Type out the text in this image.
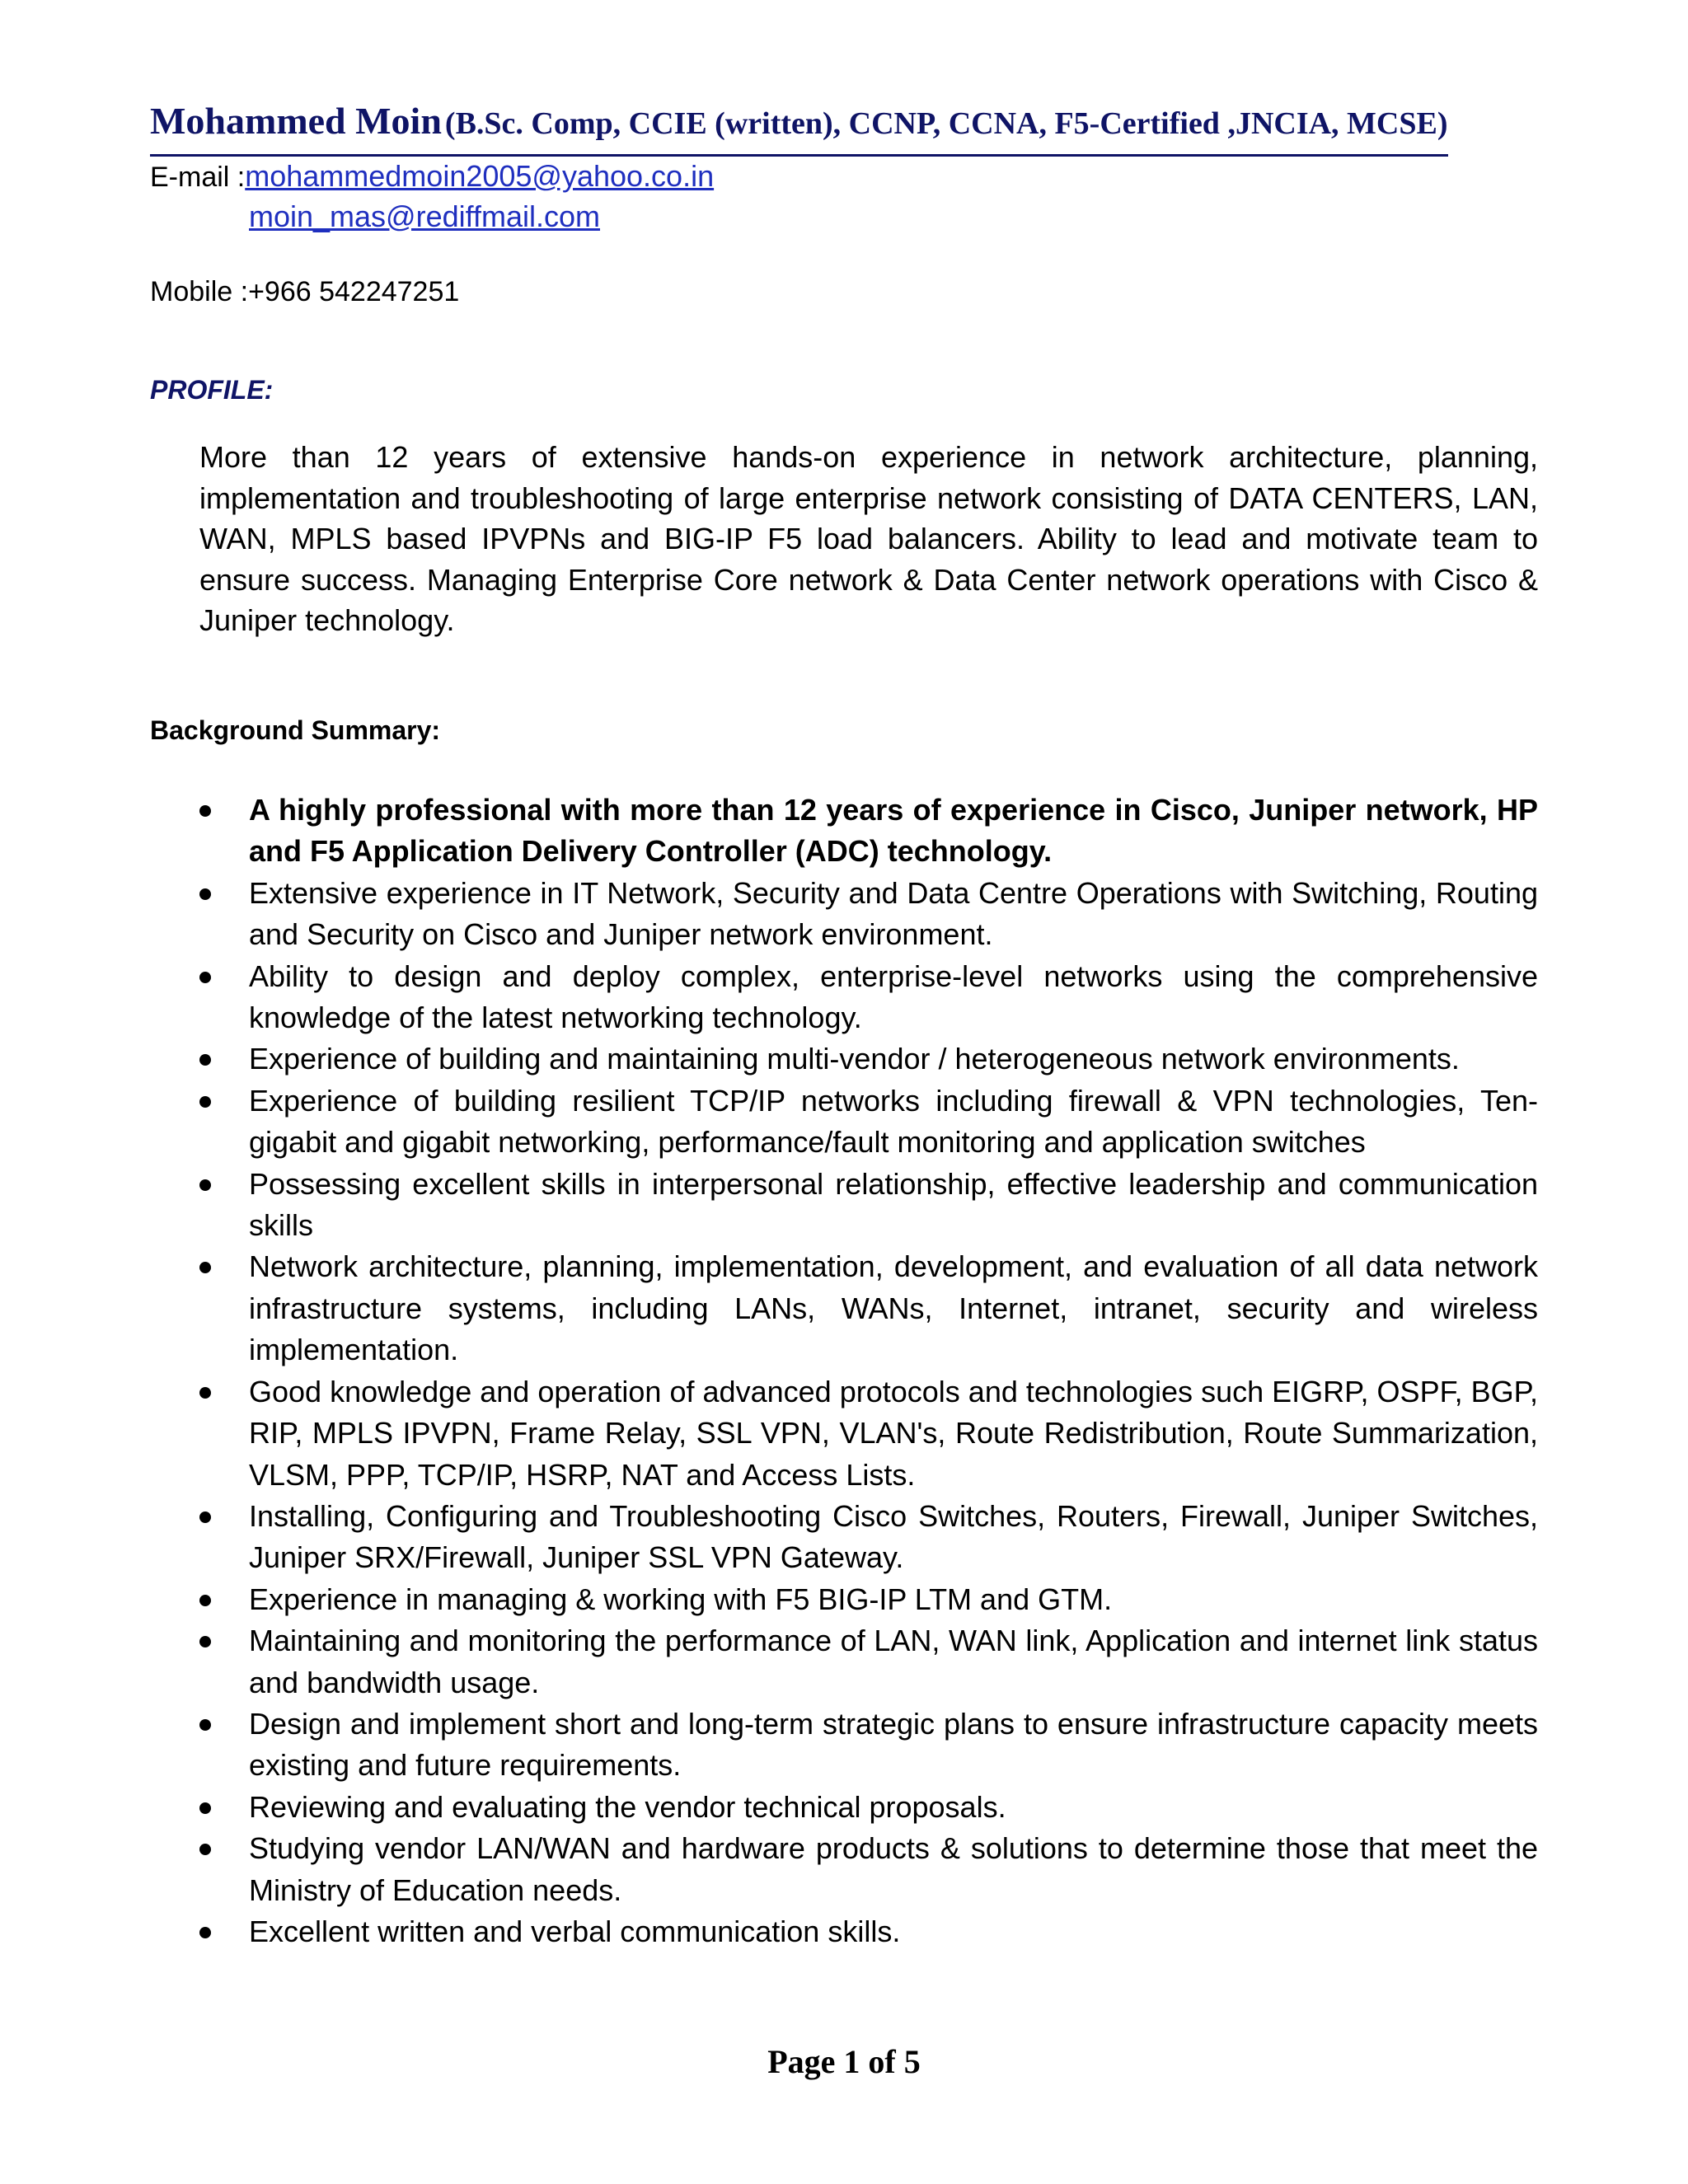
Mohammed Moin (B.Sc. Comp, CCIE (written), CCNP, CCNA, F5-Certified ,JNCIA, MCSE)
E-mail :mohammedmoin2005@yahoo.co.in
moin_mas@rediffmail.com
Mobile :+966 542247251
PROFILE:
More than 12 years of extensive hands-on experience in network architecture, planning, implementation and troubleshooting of large enterprise network consisting of DATA CENTERS, LAN, WAN, MPLS based IPVPNs and BIG-IP F5 load balancers. Ability to lead and motivate team to ensure success. Managing Enterprise Core network & Data Center network operations with Cisco & Juniper technology.
Background Summary:
A highly professional with more than 12 years of experience in Cisco, Juniper network, HP and F5 Application Delivery Controller (ADC) technology.
Extensive experience in IT Network, Security and Data Centre Operations with Switching, Routing and Security on Cisco and Juniper network environment.
Ability to design and deploy complex, enterprise-level networks using the comprehensive knowledge of the latest networking technology.
Experience of building and maintaining multi-vendor / heterogeneous network environments.
Experience of building resilient TCP/IP networks including firewall & VPN technologies, Ten-gigabit and gigabit networking, performance/fault monitoring and application switches
Possessing excellent skills in interpersonal relationship, effective leadership and communication skills
Network architecture, planning, implementation, development, and evaluation of all data network infrastructure systems, including LANs, WANs, Internet, intranet, security and wireless implementation.
Good knowledge and operation of advanced protocols and technologies such EIGRP, OSPF, BGP, RIP, MPLS IPVPN, Frame Relay, SSL VPN, VLAN's, Route Redistribution, Route Summarization, VLSM, PPP, TCP/IP, HSRP, NAT and Access Lists.
Installing, Configuring and Troubleshooting Cisco Switches, Routers, Firewall, Juniper Switches, Juniper SRX/Firewall, Juniper SSL VPN Gateway.
Experience in managing & working with F5 BIG-IP LTM and GTM.
Maintaining and monitoring the performance of LAN, WAN link, Application and internet link status and bandwidth usage.
Design and implement short and long-term strategic plans to ensure infrastructure capacity meets existing and future requirements.
Reviewing and evaluating the vendor technical proposals.
Studying vendor LAN/WAN and hardware products & solutions to determine those that meet the Ministry of Education needs.
Excellent written and verbal communication skills.
Page 1 of 5
